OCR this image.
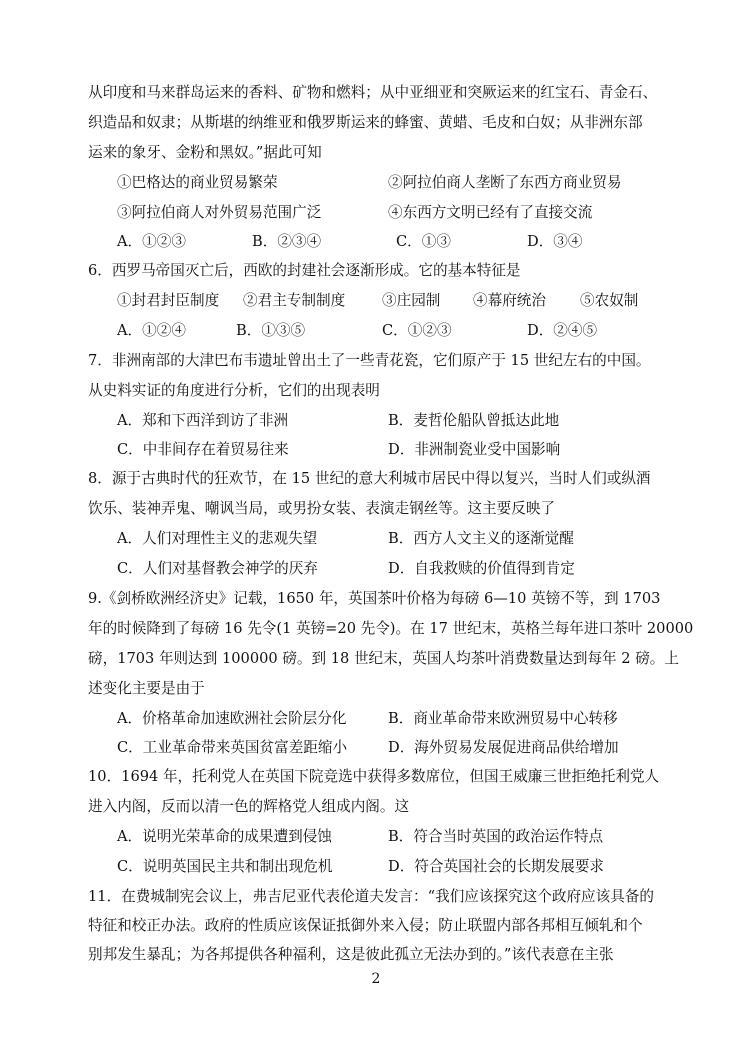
从印度和马来群岛运来的香料、矿物和燃料；从中亚细亚和突厥运来的红宝石、青金石、
织造品和奴隶；从斯堪的纳维亚和俄罗斯运来的蜂蜜、黄蜡、毛皮和白奴；从非洲东部
运来的象牙、金粉和黑奴。”据此可知
①巴格达的商业贸易繁荣	②阿拉伯商人垄断了东西方商业贸易
③阿拉伯商人对外贸易范围广泛	④东西方文明已经有了直接交流
A．①②③	B．②③④	C．①③	D．③④
6．西罗马帝国灭亡后，西欧的封建社会逐渐形成。它的基本特征是
①封君封臣制度 ②君主专制制度	③庄园制 ④幕府统治 ⑤农奴制
A．①②④	B．①③⑤	C．①②③	D．②④⑤
7．非洲南部的大津巴布韦遗址曾出土了一些青花瓷，它们原产于 15 世纪左右的中国。
从史料实证的角度进行分析，它们的出现表明
A．郑和下西洋到访了非洲	B．麦哲伦船队曾抵达此地
C．中非间存在着贸易往来	D．非洲制瓷业受中国影响
8．源于古典时代的狂欢节，在 15 世纪的意大利城市居民中得以复兴，当时人们或纵酒
饮乐、装神弄鬼、嘲讽当局，或男扮女装、表演走钢丝等。这主要反映了
A．人们对理性主义的悲观失望	B．西方人文主义的逐渐觉醒
C．人们对基督教会神学的厌弃	D．自我救赎的价值得到肯定
9.《剑桥欧洲经济史》记载，1650 年，英国茶叶价格为每磅 6—10 英镑不等，到 1703
年的时候降到了每磅 16 先令(1 英镑=20 先令)。在 17 世纪末，英格兰每年进口茶叶 20000
磅，1703 年则达到 100000 磅。到 18 世纪末，英国人均茶叶消费数量达到每年 2 磅。上
述变化主要是由于
A．价格革命加速欧洲社会阶层分化	B．商业革命带来欧洲贸易中心转移
C．工业革命带来英国贫富差距缩小	D．海外贸易发展促进商品供给增加
10．1694 年，托利党人在英国下院竞选中获得多数席位，但国王威廉三世拒绝托利党人
进入内阁，反而以清一色的辉格党人组成内阁。这
A．说明光荣革命的成果遭到侵蚀	B．符合当时英国的政治运作特点
C．说明英国民主共和制出现危机	D．符合英国社会的长期发展要求
11．在费城制宪会议上，弗吉尼亚代表伦道夫发言：“我们应该探究这个政府应该具备的
特征和校正办法。政府的性质应该保证抵御外来入侵；防止联盟内部各邦相互倾轧和个
别邦发生暴乱；为各邦提供各种福利，这是彼此孤立无法办到的。”该代表意在主张
2
